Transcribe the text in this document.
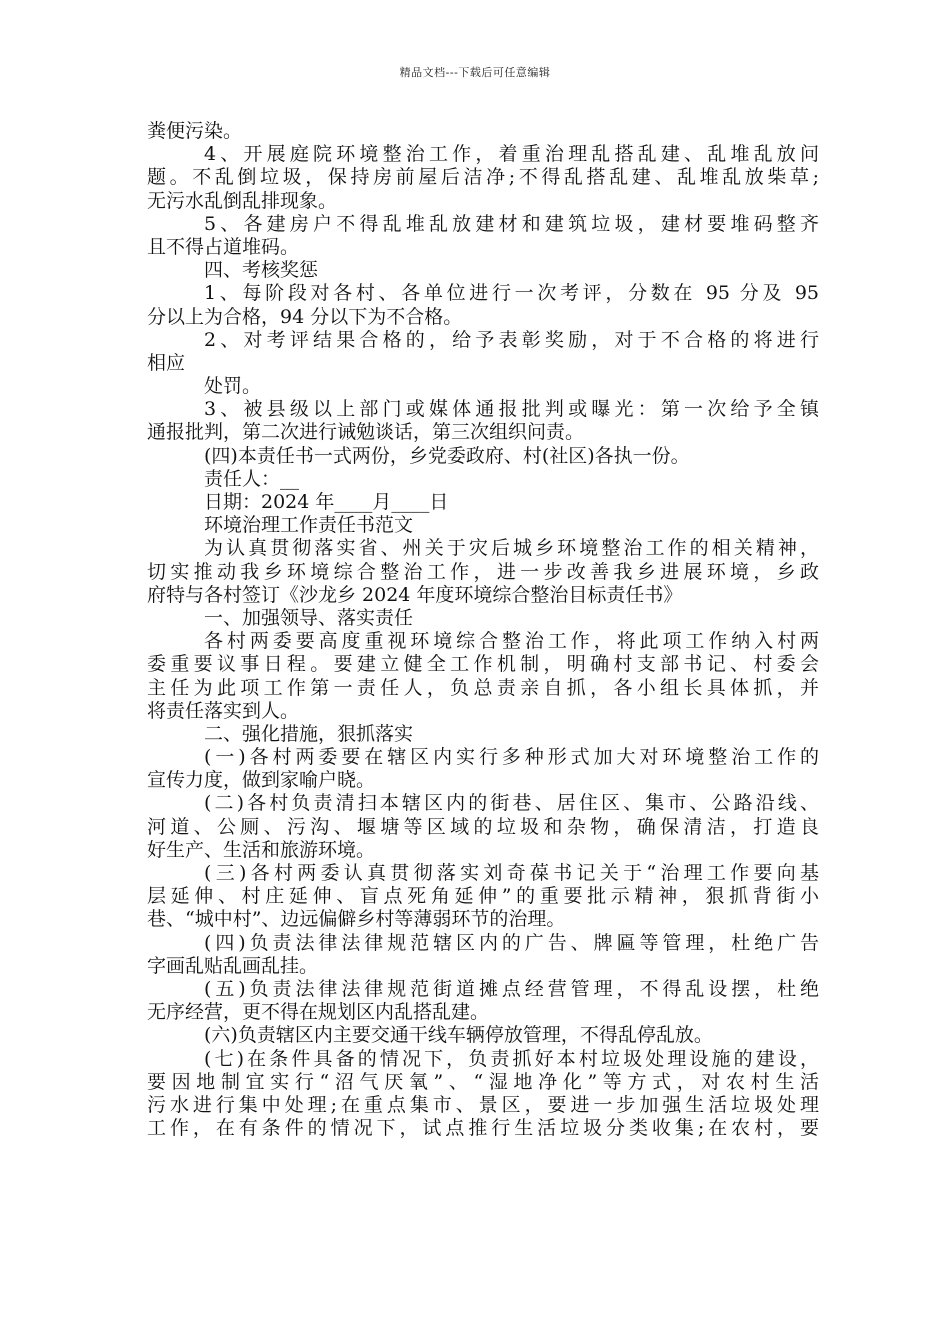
精品文档---下载后可任意编辑
粪便污染。
4、开展庭院环境整治工作，着重治理乱搭乱建、乱堆乱放问
题。不乱倒垃圾，保持房前屋后洁净;不得乱搭乱建、乱堆乱放柴草;
无污水乱倒乱排现象。
5、各建房户不得乱堆乱放建材和建筑垃圾，建材要堆码整齐
且不得占道堆码。
四、考核奖惩
1、每阶段对各村、各单位进行一次考评，分数在 95 分及 95
分以上为合格，94 分以下为不合格。
2、对考评结果合格的，给予表彰奖励，对于不合格的将进行
相应
处罚。
3、被县级以上部门或媒体通报批判或曝光：第一次给予全镇
通报批判，第二次进行诫勉谈话，第三次组织问责。
(四)本责任书一式两份，乡党委政府、村(社区)各执一份。
责任人：__
日期：2024 年____月____日
环境治理工作责任书范文
为认真贯彻落实省、州关于灾后城乡环境整治工作的相关精神，
切实推动我乡环境综合整治工作，进一步改善我乡进展环境，乡政
府特与各村签订《沙龙乡 2024 年度环境综合整治目标责任书》
一、加强领导、落实责任
各村两委要高度重视环境综合整治工作，将此项工作纳入村两
委重要议事日程。要建立健全工作机制，明确村支部书记、村委会
主任为此项工作第一责任人，负总责亲自抓，各小组长具体抓，并
将责任落实到人。
二、强化措施，狠抓落实
(一)各村两委要在辖区内实行多种形式加大对环境整治工作的
宣传力度，做到家喻户晓。
(二)各村负责清扫本辖区内的街巷、居住区、集市、公路沿线、
河道、公厕、污沟、堰塘等区域的垃圾和杂物，确保清洁，打造良
好生产、生活和旅游环境。
(三)各村两委认真贯彻落实刘奇葆书记关于“治理工作要向基
层延伸、村庄延伸、盲点死角延伸”的重要批示精神，狠抓背街小
巷、“城中村”、边远偏僻乡村等薄弱环节的治理。
(四)负责法律法律规范辖区内的广告、牌匾等管理，杜绝广告
字画乱贴乱画乱挂。
(五)负责法律法律规范街道摊点经营管理，不得乱设摆，杜绝
无序经营，更不得在规划区内乱搭乱建。
(六)负责辖区内主要交通干线车辆停放管理，不得乱停乱放。
(七)在条件具备的情况下，负责抓好本村垃圾处理设施的建设，
要因地制宜实行“沼气厌氧”、“湿地净化”等方式，对农村生活
污水进行集中处理;在重点集市、景区，要进一步加强生活垃圾处理
工作，在有条件的情况下，试点推行生活垃圾分类收集;在农村，要
